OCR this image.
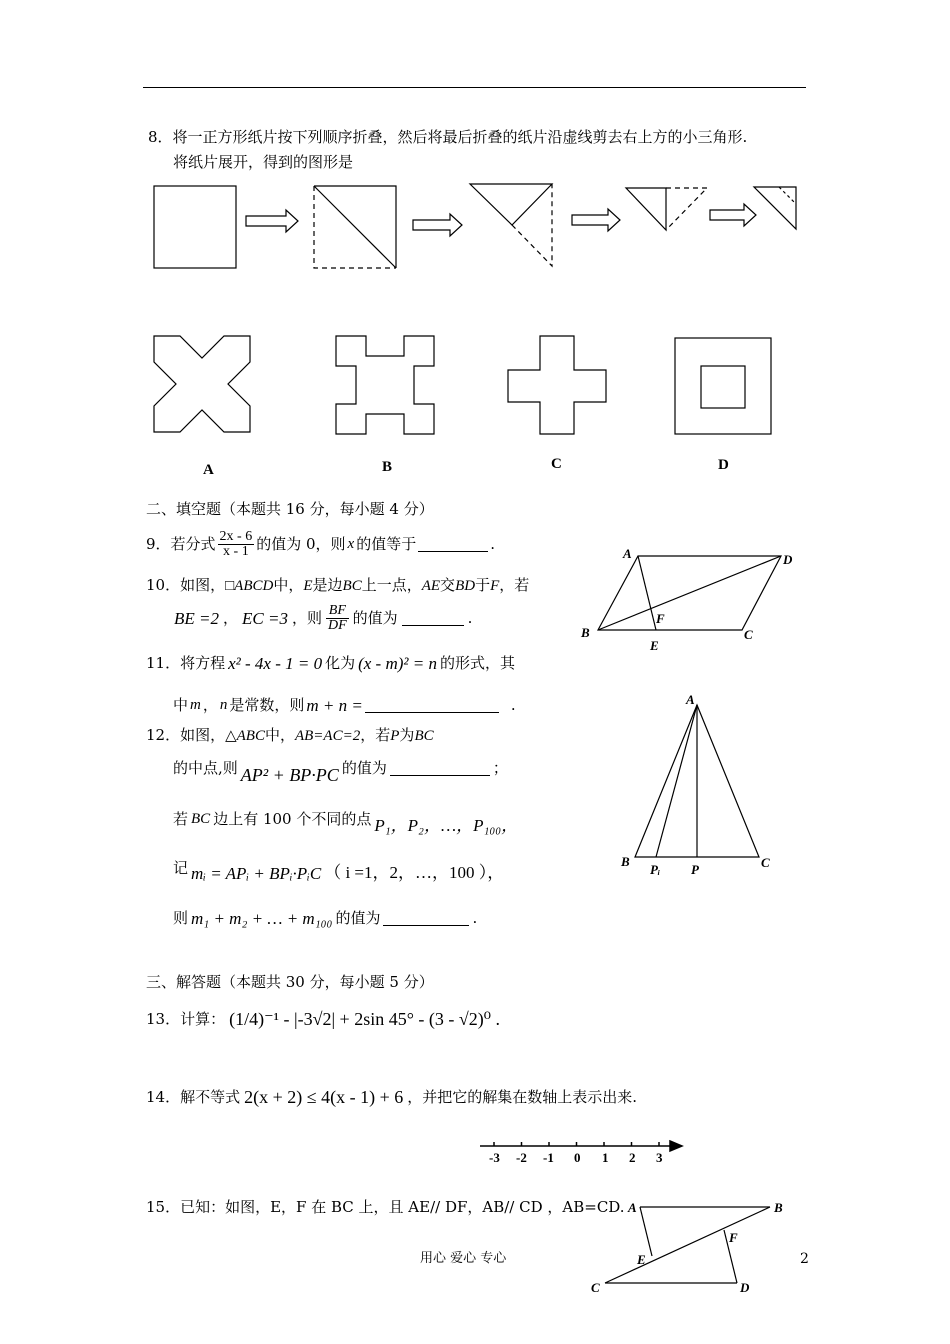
8．将一正方形纸片按下列顺序折叠，然后将最后折叠的纸片沿虚线剪去右上方的小三角形.
将纸片展开，得到的图形是
A	B	C	D
二、填空题（本题共 16 分，每小题 4 分）
9．若分式 $\frac{2x - 6}{x - 1}$ 的值为 0，则 x 的值等于	.
10．如图，□ABCD中，E是边BC上一点，AE交BD于F，若
BE =2 ， EC =3 ，则 $\frac{BF}{DF}$ 的值为	.
A	D
F
B	C
E
11．将方程 x² - 4x - 1 = 0 化为 (x - m)² = n 的形式，其
中 m ， n 是常数，则 m + n =	.
12．如图，△ABC中，AB=AC=2，若P为BC
的中点,则 AP² + BP·PC 的值为	；
若 BC 边上有 100 个不同的点 P₁，P₂，…，P₁₀₀，
记 mᵢ = APᵢ + BPᵢ·PᵢC （ i =1，2，…，100 ），
则 m₁ + m₂ + … + m₁₀₀ 的值为	.
A
B
Pᵢ P	C
三、解答题（本题共 30 分，每小题 5 分）
13．计算： (1/4)⁻¹ - |-3√2| + 2sin 45° - (3 - √2)⁰ .
14．解不等式 2(x + 2) ≤ 4(x - 1) + 6 ，并把它的解集在数轴上表示出来.
-3 -2 -1 0 1 2 3
15．已知：如图，E，F 在 BC 上，且 AE// DF，AB// CD ，AB=CD. A	B
F
E
C	D
用心 爱心 专心	2
